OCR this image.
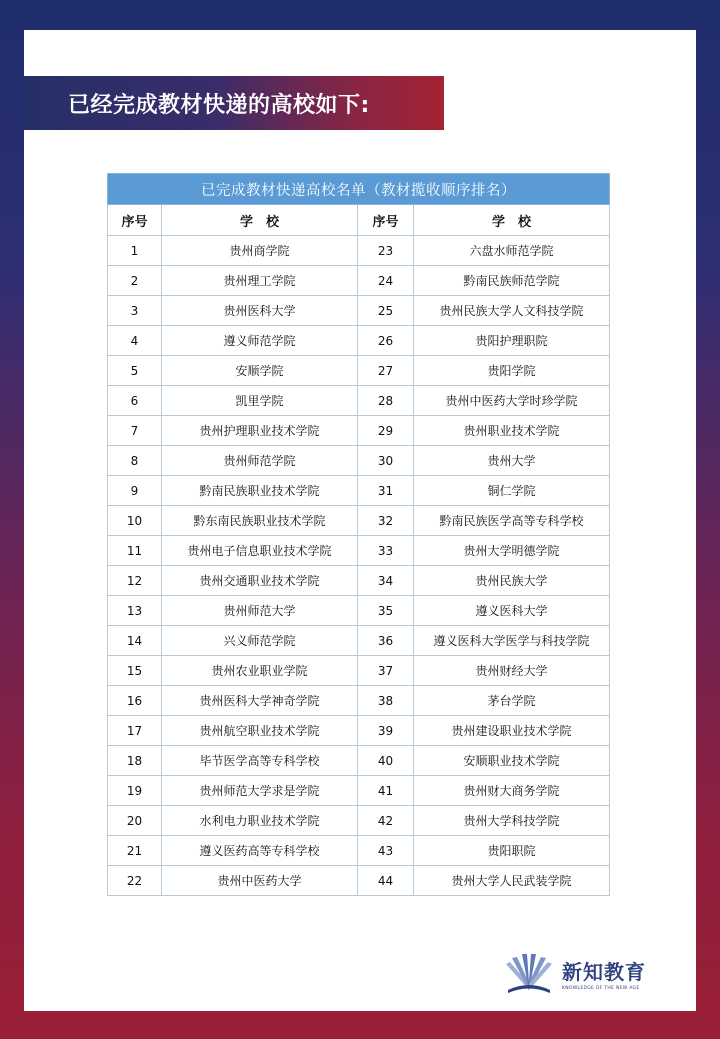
已经完成教材快递的高校如下:
已完成教材快递高校名单（教材揽收顺序排名）			
序号	学　校	序号	学　校
1	贵州商学院	23	六盘水师范学院
2	贵州理工学院	24	黔南民族师范学院
3	贵州医科大学	25	贵州民族大学人文科技学院
4	遵义师范学院	26	贵阳护理职院
5	安顺学院	27	贵阳学院
6	凯里学院	28	贵州中医药大学时珍学院
7	贵州护理职业技术学院	29	贵州职业技术学院
8	贵州师范学院	30	贵州大学
9	黔南民族职业技术学院	31	铜仁学院
10	黔东南民族职业技术学院	32	黔南民族医学高等专科学校
11	贵州电子信息职业技术学院	33	贵州大学明德学院
12	贵州交通职业技术学院	34	贵州民族大学
13	贵州师范大学	35	遵义医科大学
14	兴义师范学院	36	遵义医科大学医学与科技学院
15	贵州农业职业学院	37	贵州财经大学
16	贵州医科大学神奇学院	38	茅台学院
17	贵州航空职业技术学院	39	贵州建设职业技术学院
18	毕节医学高等专科学校	40	安顺职业技术学院
19	贵州师范大学求是学院	41	贵州财大商务学院
20	水利电力职业技术学院	42	贵州大学科技学院
21	遵义医药高等专科学校	43	贵阳职院
22	贵州中医药大学	44	贵州大学人民武装学院
新知教育
KNOWLEDGE OF THE NEW AGE
